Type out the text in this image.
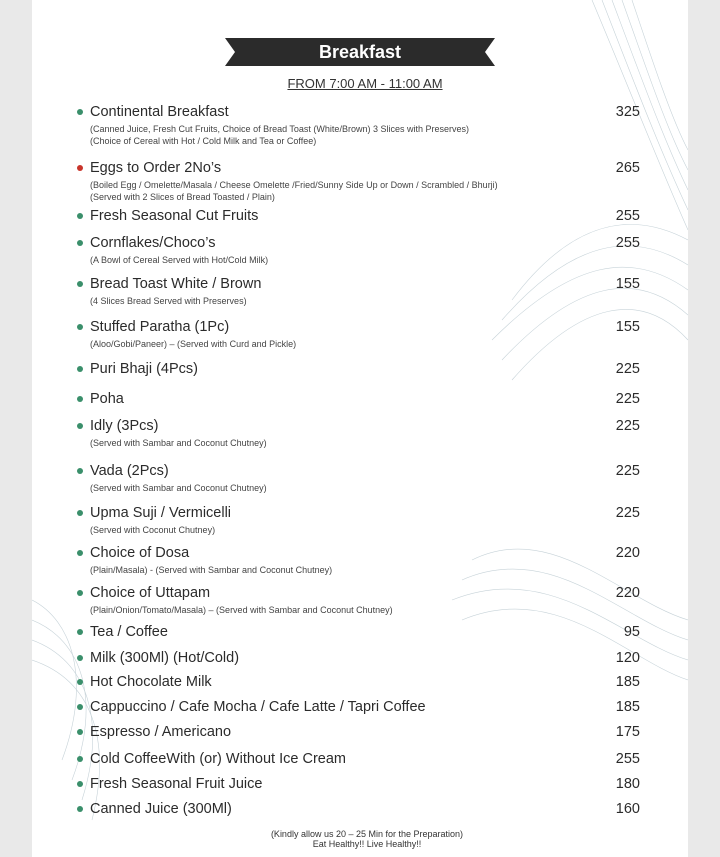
Breakfast
FROM 7:00 AM - 11:00 AM
Continental Breakfast	325
(Canned Juice, Fresh Cut Fruits, Choice of Bread Toast (White/Brown) 3 Slices with Preserves)
(Choice of Cereal with Hot / Cold Milk and Tea or Coffee)
Eggs to Order 2No’s	265
(Boiled Egg / Omelette/Masala / Cheese Omelette /Fried/Sunny Side Up or Down / Scrambled / Bhurji)
(Served with 2 Slices of Bread Toasted / Plain)
Fresh Seasonal Cut Fruits	255
Cornflakes/Choco’s	255
(A Bowl of Cereal Served with Hot/Cold Milk)
Bread Toast White / Brown	155
(4 Slices Bread Served with Preserves)
Stuffed Paratha (1Pc)	155
(Aloo/Gobi/Paneer) – (Served with Curd and Pickle)
Puri Bhaji (4Pcs)	225
Poha	225
Idly (3Pcs)	225
(Served with Sambar and Coconut Chutney)
Vada (2Pcs)	225
(Served with Sambar and Coconut Chutney)
Upma Suji / Vermicelli	225
(Served with Coconut Chutney)
Choice of Dosa	220
(Plain/Masala) - (Served with Sambar and Coconut Chutney)
Choice of Uttapam	220
(Plain/Onion/Tomato/Masala) – (Served with Sambar and Coconut Chutney)
Tea / Coffee	95
Milk (300Ml) (Hot/Cold)	120
Hot Chocolate Milk	185
Cappuccino / Cafe Mocha / Cafe Latte / Tapri Coffee	185
Espresso / Americano	175
Cold CoffeeWith (or) Without Ice Cream	255
Fresh Seasonal Fruit Juice	180
Canned Juice (300Ml)	160
(Kindly allow us 20 – 25 Min for the Preparation)
Eat Healthy!! Live Healthy!!
